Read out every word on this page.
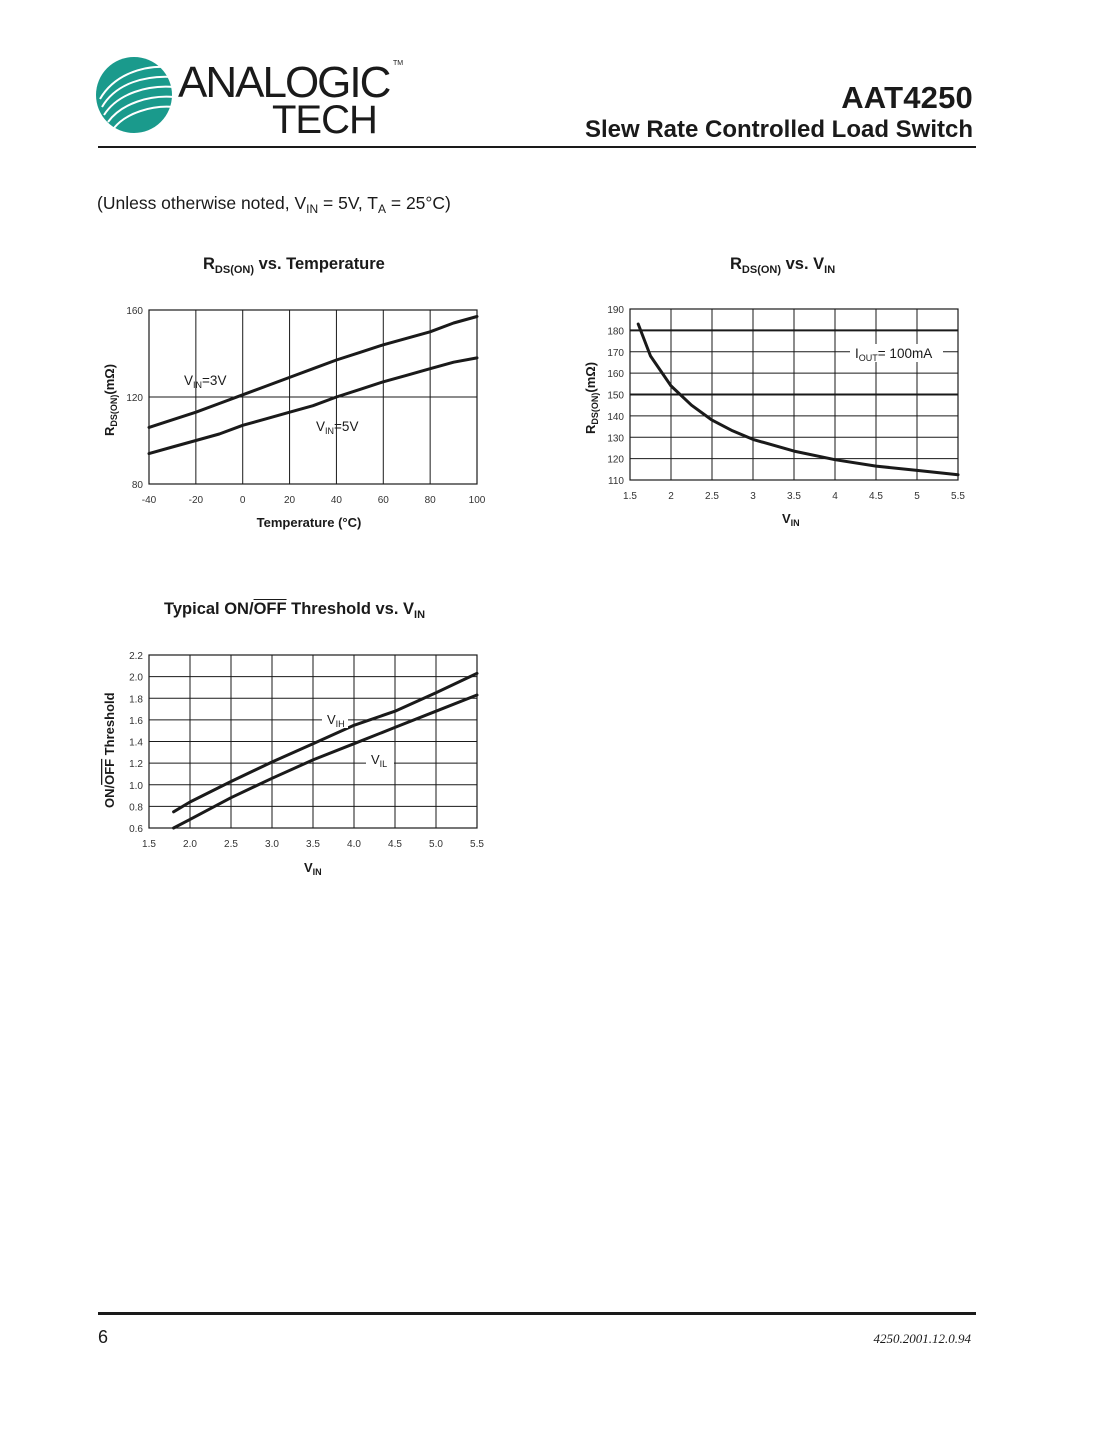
ANALOGIC
TECH
TM
AAT4250
Slew Rate Controlled Load Switch
(Unless otherwise noted, $V_{IN} = 5V$, $T_A = 25^\circ C$)
$R_{DS(ON)}$ vs. Temperature	$R_{DS(ON)}$ vs. $V_{IN}$
Typical $ON/\overline{OFF}$ Threshold vs. $V_{IN}$
-40	-20	0	20	40	60	80	100
80
120
160
$V_{IN} =3V$
$V_{IN} =5V$
Temperature (°C)
$R_{DS(ON)}$ (mΩ)
1.5	2	2.5	3	3.5	4	4.5	5	5.5
110
120
130
140
150
160
170
180
190
$I_{OUT} = 100mA$
$V_{IN}$
$R_{DS(ON)}$ (mΩ)
1.5	2.0	2.5	3.0	3.5	4.0	4.5	5.0	5.5
0.6
0.8
1.0
1.2
1.4
1.6
1.8
2.0
2.2
$V_{IH}$
$V_{IL}$
$V_{IN}$
ON/OFF Threshold
6	4250.2001.12.0.94
